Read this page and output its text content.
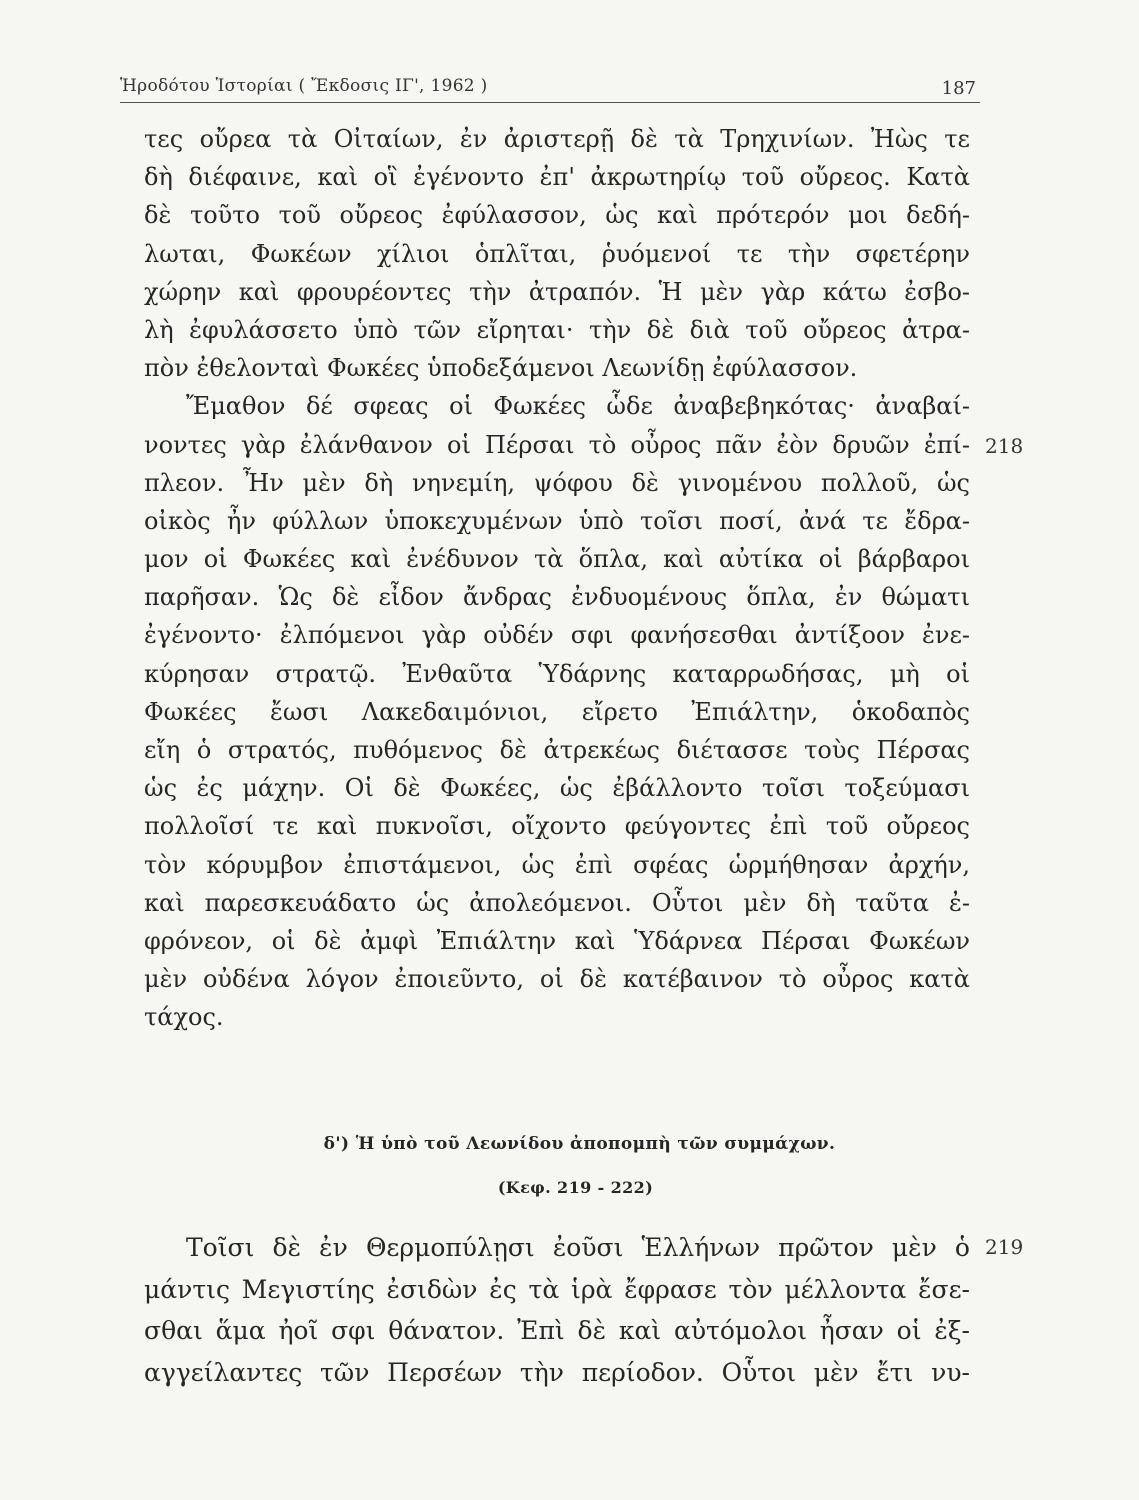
Ἡροδότου Ἱστορίαι ( Ἔκδοσις ΙΓ', 1962 )	187
τες οὔρεα τὰ Οἰταίων, ἐν ἀριστερῇ δὲ τὰ Τρηχινίων. Ἠὼς τε
δὴ διέφαινε, καὶ οἳ ἐγένοντο ἐπ' ἀκρωτηρίῳ τοῦ οὔρεος. Κατὰ
δὲ τοῦτο τοῦ οὔρεος ἐφύλασσον, ὡς καὶ πρότερόν μοι δεδή-
λωται, Φωκέων χίλιοι ὁπλῖται, ῥυόμενοί τε τὴν σφετέρην
χώρην καὶ φρουρέοντες τὴν ἀτραπόν. Ἡ μὲν γὰρ κάτω ἐσβο-
λὴ ἐφυλάσσετο ὑπὸ τῶν εἴρηται· τὴν δὲ διὰ τοῦ οὔρεος ἀτρα-
πὸν ἐθελονταὶ Φωκέες ὑποδεξάμενοι Λεωνίδῃ ἐφύλασσον.
Ἔμαθον δέ σφεας οἱ Φωκέες ὧδε ἀναβεβηκότας· ἀναβαί-
νοντες γὰρ ἐλάνθανον οἱ Πέρσαι τὸ οὖρος πᾶν ἐὸν δρυῶν ἐπί-
πλεον. Ἦν μὲν δὴ νηνεμίη, ψόφου δὲ γινομένου πολλοῦ, ὡς
οἰκὸς ἦν φύλλων ὑποκεχυμένων ὑπὸ τοῖσι ποσί, ἀνά τε ἔδρα-
μον οἱ Φωκέες καὶ ἐνέδυνον τὰ ὅπλα, καὶ αὐτίκα οἱ βάρβαροι
παρῆσαν. Ὡς δὲ εἶδον ἄνδρας ἐνδυομένους ὅπλα, ἐν θώματι
ἐγένοντο· ἐλπόμενοι γὰρ οὐδέν σφι φανήσεσθαι ἀντίξοον ἐνε-
κύρησαν στρατῷ. Ἐνθαῦτα Ὑδάρνης καταρρωδήσας, μὴ οἱ
Φωκέες ἔωσι Λακεδαιμόνιοι, εἴρετο Ἐπιάλτην, ὁκοδαπὸς
εἴη ὁ στρατός, πυθόμενος δὲ ἀτρεκέως διέτασσε τοὺς Πέρσας
ὡς ἐς μάχην. Οἱ δὲ Φωκέες, ὡς ἐβάλλοντο τοῖσι τοξεύμασι
πολλοῖσί τε καὶ πυκνοῖσι, οἴχοντο φεύγοντες ἐπὶ τοῦ οὔρεος
τὸν κόρυμβον ἐπιστάμενοι, ὡς ἐπὶ σφέας ὡρμήθησαν ἀρχήν,
καὶ παρεσκευάδατο ὡς ἀπολεόμενοι. Οὗτοι μὲν δὴ ταῦτα ἐ-
φρόνεον, οἱ δὲ ἀμφὶ Ἐπιάλτην καὶ Ὑδάρνεα Πέρσαι Φωκέων
μὲν οὐδένα λόγον ἐποιεῦντο, οἱ δὲ κατέβαινον τὸ οὖρος κατὰ
τάχος.
218
δ') Ἡ ὑπὸ τοῦ Λεωνίδου ἀποπομπὴ τῶν συμμάχων.
(Κεφ. 219 - 222)
Τοῖσι δὲ ἐν Θερμοπύλῃσι ἐοῦσι Ἑλλήνων πρῶτον μὲν ὁ
μάντις Μεγιστίης ἐσιδὼν ἐς τὰ ἱρὰ ἔφρασε τὸν μέλλοντα ἔσε-
σθαι ἅμα ἠοῖ σφι θάνατον. Ἐπὶ δὲ καὶ αὐτόμολοι ἦσαν οἱ ἐξ-
αγγείλαντες τῶν Περσέων τὴν περίοδον. Οὗτοι μὲν ἔτι νυ-
219
